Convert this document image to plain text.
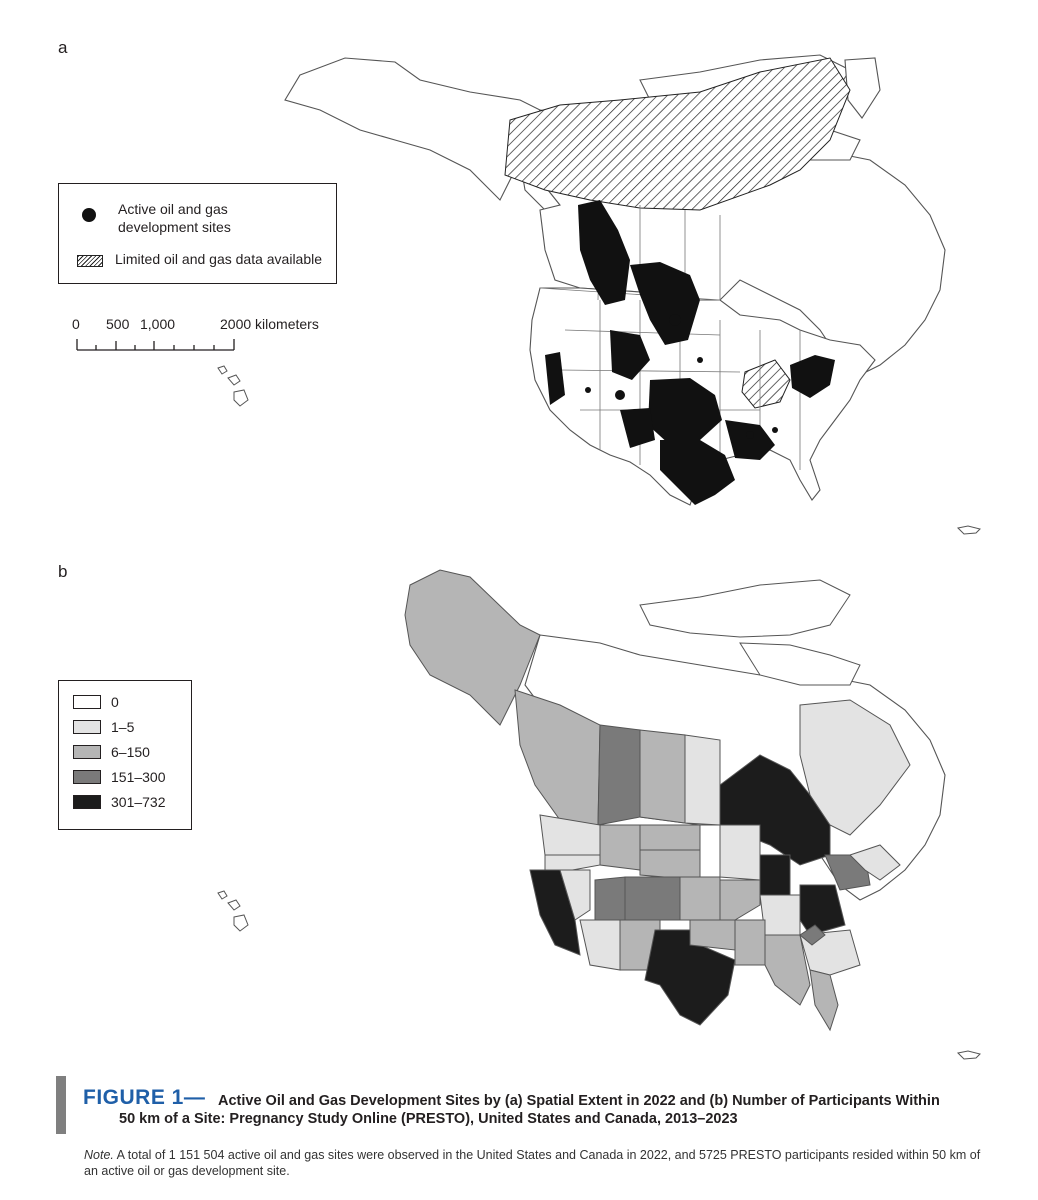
a
b
Active oil and gas
development sites
Limited oil and gas data available
0 500 1,000	2000 kilometers
0
1–5
6–150
151–300
301–732
FIGURE 1— Active Oil and Gas Development Sites by (a) Spatial Extent in 2022 and (b) Number of Participants Within
50 km of a Site: Pregnancy Study Online (PRESTO), United States and Canada, 2013–2023
Note. A total of 1 151 504 active oil and gas sites were observed in the United States and Canada in 2022, and 5725 PRESTO participants resided within 50 km of an active oil or gas development site.
